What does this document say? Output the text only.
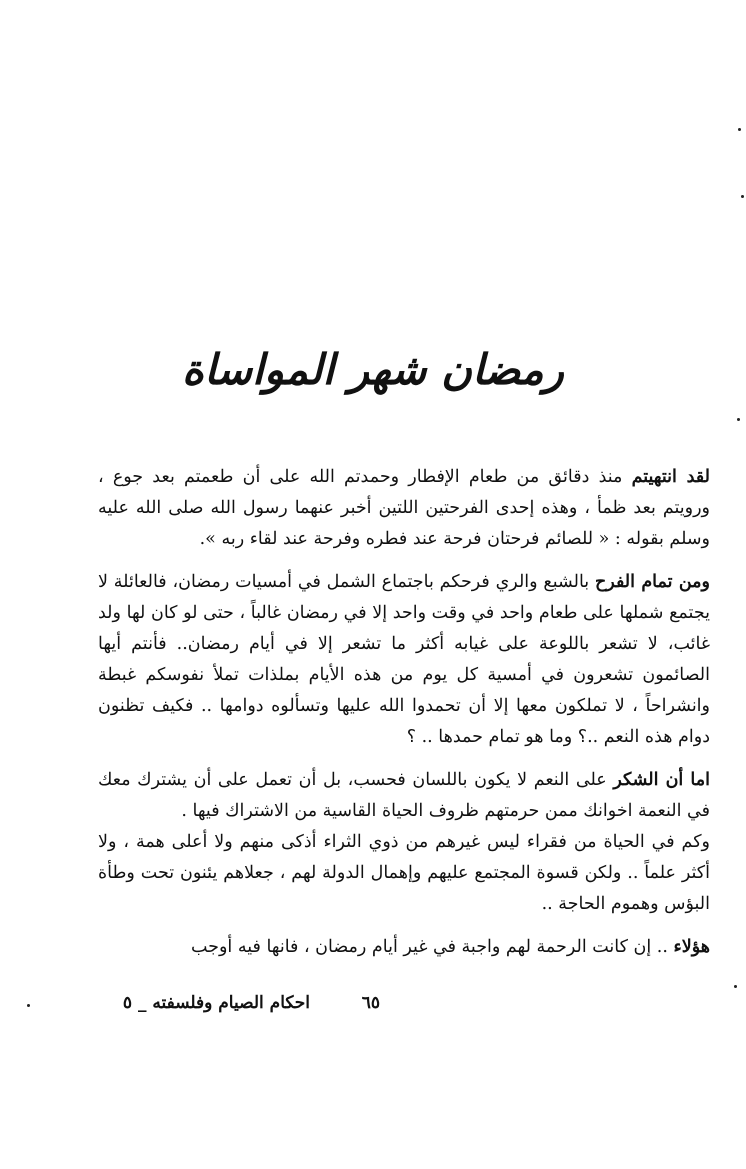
رمضان شهر المواساة

لقد انتهيتم منذ دقائق من طعام الإفطار وحمدتم الله على أن طعمتم بعد جوع ، ورويتم بعد ظمأ ، وهذه إحدى الفرحتين اللتين أخبر عنهما رسول الله صلى الله عليه وسلم بقوله : « للصائم فرحتان فرحة عند فطره وفرحة عند لقاء ربه ».

ومن تمام الفرح بالشبع والري فرحكم باجتماع الشمل في أمسيات رمضان، فالعائلة لا يجتمع شملها على طعام واحد في وقت واحد إلا في رمضان غالباً ، حتى لو كان لها ولد غائب، لا تشعر باللوعة على غيابه أكثر ما تشعر إلا في أيام رمضان.. فأنتم أيها الصائمون تشعرون في أمسية كل يوم من هذه الأيام بملذات تملأ نفوسكم غبطة وانشراحاً ، لا تملكون معها إلا أن تحمدوا الله عليها وتسألوه دوامها .. فكيف تظنون دوام هذه النعم ..؟ وما هو تمام حمدها .. ؟

اما أن الشكر على النعم لا يكون باللسان فحسب، بل أن تعمل على أن يشترك معك في النعمة اخوانك ممن حرمتهم ظروف الحياة القاسية من الاشتراك فيها .

وكم في الحياة من فقراء ليس غيرهم من ذوي الثراء أذكى منهم ولا أعلى همة ، ولا أكثر علماً .. ولكن قسوة المجتمع عليهم وإهمال الدولة لهم ، جعلاهم يئنون تحت وطأة البؤس وهموم الحاجة ..

هؤلاء .. إن كانت الرحمة لهم واجبة في غير أيام رمضان ، فانها فيه أوجب

٦٥
احكام الصيام وفلسفته _ ٥
